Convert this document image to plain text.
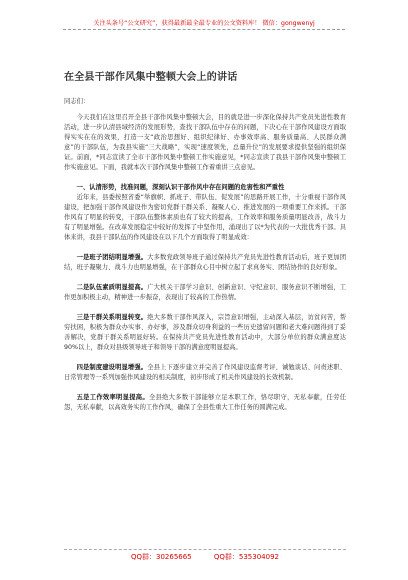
关注头条号“公文研究”，获得最新最全最专业的公文资料库！ 微信：gongwenyj
在全县干部作风集中整顿大会上的讲话

同志们：

今天我们在这里召开全县干部作风集中整顿大会，目的就是进一步深化保持共产党员先进性教育活动，进一步认清县域经济的发展形势，查找干部队伍中存在的问题，下决心在干部作风建设方面取得实实在在的效果，打造一支“政治思想好、组织纪律好、办事效率高、服务质量高、人民群众满意”的干部队伍，为我县实施“三大战略”，实现“速度领先，总量升位”的发展要求提供坚强的组织保证。前面，*同志宣读了全市干部作风集中整顿工作实施意见，*同志宣读了我县干部作风集中整顿工作实施意见。下面，我就本次干部作风集中整顿工作着重讲三点意见。

一、认清形势，找准问题，深刻认识干部作风中存在问题的危害性和严重性

近年来，县委按照省委“举旗帜、抓班子、带队伍、促发展”的思路开展工作，十分重视干部作风建设，把加强干部作风建设作为密切党群干群关系、凝聚人心、推进发展的一项重要工作来抓。干部作风有了明显的转变，干部队伍整体素质也有了较大的提高，工作效率和服务质量明显改善，战斗力有了明显增强。在改革发展稳定中较好的发挥了中坚作用，涌现出了以*为代表的一大批优秀干部。具体来讲，我县干部队伍的作风建设在以下几个方面取得了明显成效：

一是班子团结明显增强。大多数党政领导班子通过保持共产党员先进性教育活动后，班子更加团结，班子凝聚力、战斗力也明显增强，在干部群众心目中树立起了求真务实、团结协作的良好形象。

二是队伍素质明显提高。广大机关干部学习意识、创新意识、守纪意识、服务意识不断增强，工作更加积极主动，精神进一步振奋，表现出了较高的工作热情。

三是干群关系明显转变。绝大多数干部作风深入，宗旨意识增强，主动深入基层，访贫问苦，帮穷扶困，积极为群众办实事、办好事，涉及群众切身利益的一些历史遗留问题和老大难问题得到了妥善解决，党群干群关系明显好转。在保持共产党员先进性教育活动中，大部分单位的群众满意度达90%以上，群众对县级领导班子和领导干部的满意度明显提高。

四是制度建设明显增强。全县上下逐步建立并完善了作风建设监督考评、诫勉谈话、问责述职、日常管理等一系列加强作风建设的相关制度，初步形成了机关作风建设的长效机制。

五是工作效率明显提高。全县绝大多数干部能够立足本职工作，恪尽职守，无私奉献，任劳任怨，无私奉献，以高效务实的工作作风，确保了全县性重大工作任务的圆满完成。

QQ群：30265665          QQ群：535304092
